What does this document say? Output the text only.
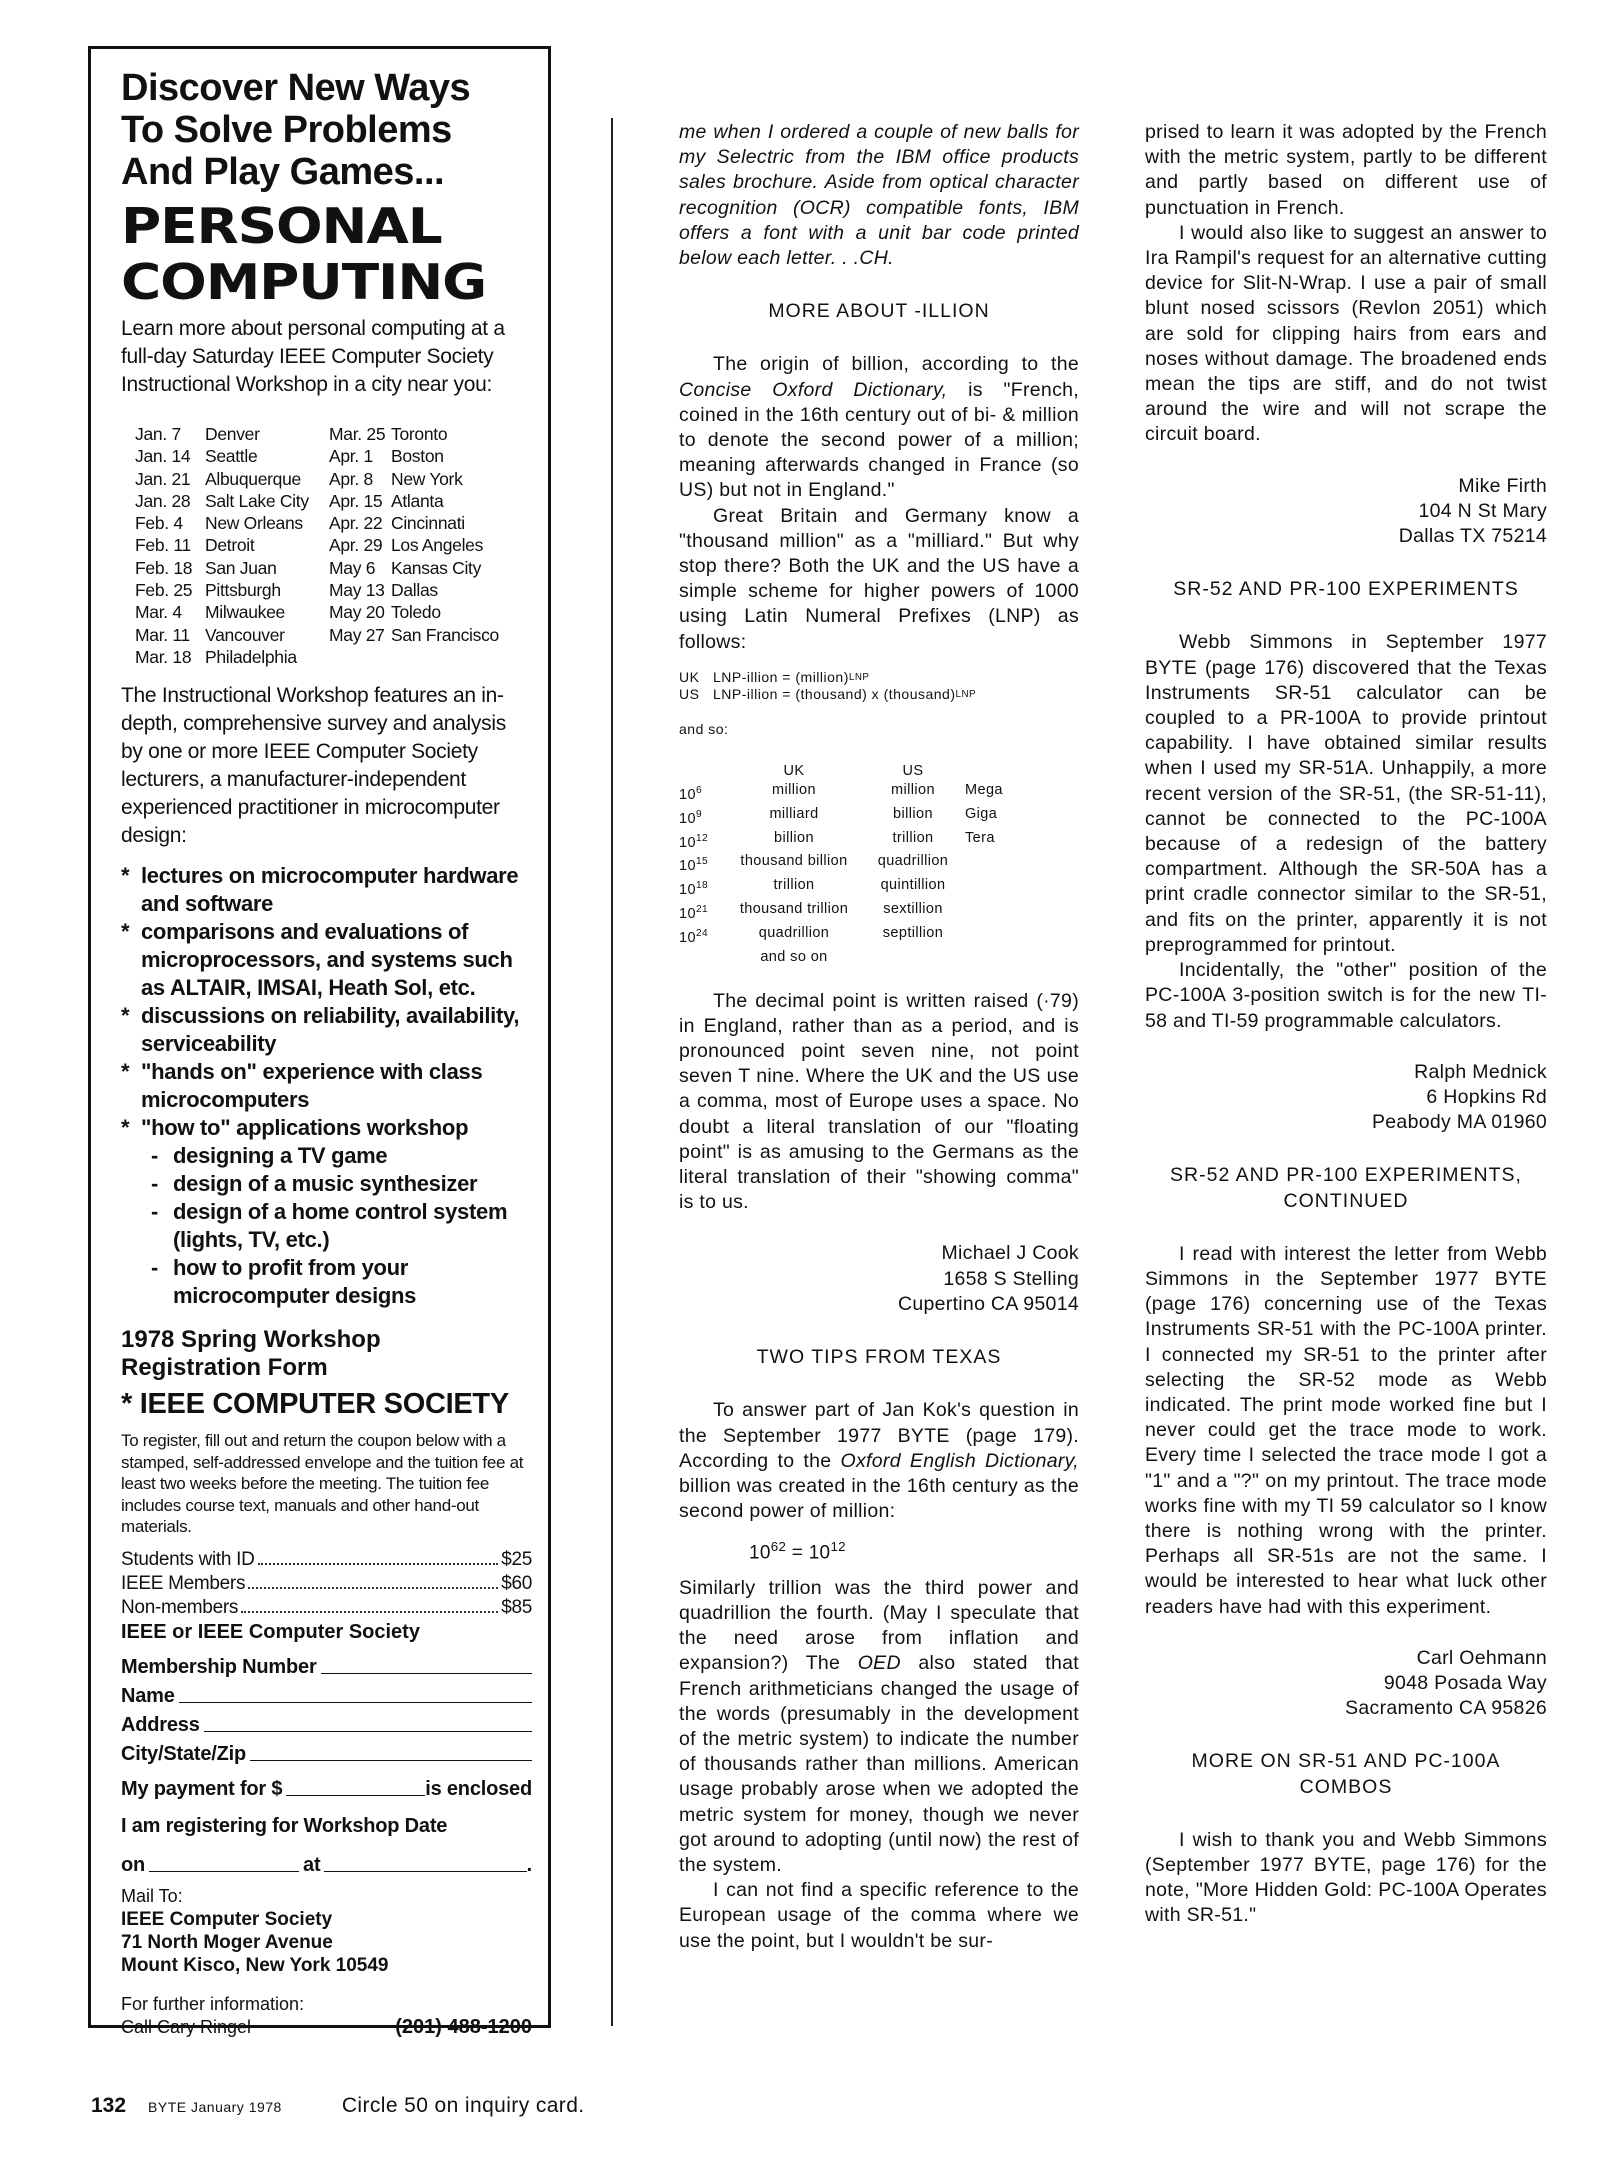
Discover New Ways
To Solve Problems
And Play Games...
PERSONAL
COMPUTING
Learn more about personal computing at a full-day Saturday IEEE Computer Society Instructional Workshop in a city near you:
Jan. 7	Denver	Mar. 25 Toronto
Jan. 14 Seattle	Apr. 1	Boston
Jan. 21 Albuquerque	Apr. 8	New York
Jan. 28 Salt Lake City	Apr. 15 Atlanta
Feb. 4	New Orleans	Apr. 22 Cincinnati
Feb. 11 Detroit	Apr. 29 Los Angeles
Feb. 18 San Juan	May 6 Kansas City
Feb. 25 Pittsburgh	May 13 Dallas
Mar. 4	Milwaukee	May 20 Toledo
Mar. 11 Vancouver	May 27 San Francisco
Mar. 18 Philadelphia
The Instructional Workshop features an in-depth, comprehensive survey and analysis by one or more IEEE Computer Society lecturers, a manufacturer-independent experienced practitioner in microcomputer design:
* lectures on microcomputer hardware and software
* comparisons and evaluations of microprocessors, and systems such as ALTAIR, IMSAI, Heath Sol, etc.
* discussions on reliability, availability, serviceability
* "hands on" experience with class microcomputers
* "how to" applications workshop
- designing a TV game
- design of a music synthesizer
- design of a home control system (lights, TV, etc.)
- how to profit from your microcomputer designs
1978 Spring Workshop
Registration Form
* IEEE COMPUTER SOCIETY
To register, fill out and return the coupon below with a stamped, self-addressed envelope and the tuition fee at least two weeks before the meeting. The tuition fee includes course text, manuals and other hand-out materials.
Students with ID	$25
IEEE Members	$60
Non-members	$85
IEEE or IEEE Computer Society
Membership Number
Name
Address
City/State/Zip
My payment for $	is enclosed
I am registering for Workshop Date
on	at	.
Mail To:
IEEE Computer Society
71 North Moger Avenue
Mount Kisco, New York 10549
For further information:
Call Cary Ringel	(201) 488-1200

me when I ordered a couple of new balls for my Selectric from the IBM office products sales brochure. Aside from optical character recognition (OCR) compatible fonts, IBM offers a font with a unit bar code printed below each letter. . .CH.

MORE ABOUT -ILLION

The origin of billion, according to the Concise Oxford Dictionary, is "French, coined in the 16th century out of bi- & million to denote the second power of a million; meaning afterwards changed in France (so US) but not in England."

Great Britain and Germany know a "thousand million" as a "milliard." But why stop there? Both the UK and the US have a simple scheme for higher powers of 1000 using Latin Numeral Prefixes (LNP) as follows:

UK LNP-illion = (million) LNP
US LNP-illion = (thousand) x (thousand) LNP
and so:
UK	US
$10^6$	million	million	Mega
$10^9$	milliard	billion	Giga
$10^{12}$	billion	trillion	Tera
$10^{15}$	thousand billion	quadrillion
$10^{18}$	trillion	quintillion
$10^{21}$	thousand trillion	sextillion
$10^{24}$	quadrillion	septillion
and so on

The decimal point is written raised (·79) in England, rather than as a period, and is pronounced point seven nine, not point seven T nine. Where the UK and the US use a comma, most of Europe uses a space. No doubt a literal translation of our "floating point" is as amusing to the Germans as the literal translation of their "showing comma" is to us.

Michael J Cook
1658 S Stelling
Cupertino CA 95014
TWO TIPS FROM TEXAS

To answer part of Jan Kok's question in the September 1977 BYTE (page 179). According to the Oxford English Dictionary, billion was created in the 16th century as the second power of million:

$10^{62} = 10^{12}$

Similarly trillion was the third power and quadrillion the fourth. (May I speculate that the need arose from inflation and expansion?) The OED also stated that French arithmeticians changed the usage of the words (presumably in the development of the metric system) to indicate the number of thousands rather than millions. American usage probably arose when we adopted the metric system for money, though we never got around to adopting (until now) the rest of the system.

I can not find a specific reference to the European usage of the comma where we use the point, but I wouldn't be sur-

prised to learn it was adopted by the French with the metric system, partly to be different and partly based on different use of punctuation in French.

I would also like to suggest an answer to Ira Rampil's request for an alternative cutting device for Slit-N-Wrap. I use a pair of small blunt nosed scissors (Revlon 2051) which are sold for clipping hairs from ears and noses without damage. The broadened ends mean the tips are stiff, and do not twist around the wire and will not scrape the circuit board.

Mike Firth
104 N St Mary
Dallas TX 75214
SR-52 AND PR-100 EXPERIMENTS

Webb Simmons in September 1977 BYTE (page 176) discovered that the Texas Instruments SR-51 calculator can be coupled to a PR-100A to provide printout capability. I have obtained similar results when I used my SR-51A. Unhappily, a more recent version of the SR-51, (the SR-51-11), cannot be connected to the PC-100A because of a redesign of the battery compartment. Although the SR-50A has a print cradle connector similar to the SR-51, and fits on the printer, apparently it is not preprogrammed for printout.

Incidentally, the "other" position of the PC-100A 3-position switch is for the new TI-58 and TI-59 programmable calculators.

Ralph Mednick
6 Hopkins Rd
Peabody MA 01960
SR-52 AND PR-100 EXPERIMENTS,
CONTINUED

I read with interest the letter from Webb Simmons in the September 1977 BYTE (page 176) concerning use of the Texas Instruments SR-51 with the PC-100A printer. I connected my SR-51 to the printer after selecting the SR-52 mode as Webb indicated. The print mode worked fine but I never could get the trace mode to work. Every time I selected the trace mode I got a "1" and a "?" on my printout. The trace mode works fine with my TI 59 calculator so I know there is nothing wrong with the printer. Perhaps all SR-51s are not the same. I would be interested to hear what luck other readers have had with this experiment.

Carl Oehmann
9048 Posada Way
Sacramento CA 95826
MORE ON SR-51 AND PC-100A
COMBOS

I wish to thank you and Webb Simmons (September 1977 BYTE, page 176) for the note, "More Hidden Gold: PC-100A Operates with SR-51."

132 BYTE January 1978	Circle 50 on inquiry card.
